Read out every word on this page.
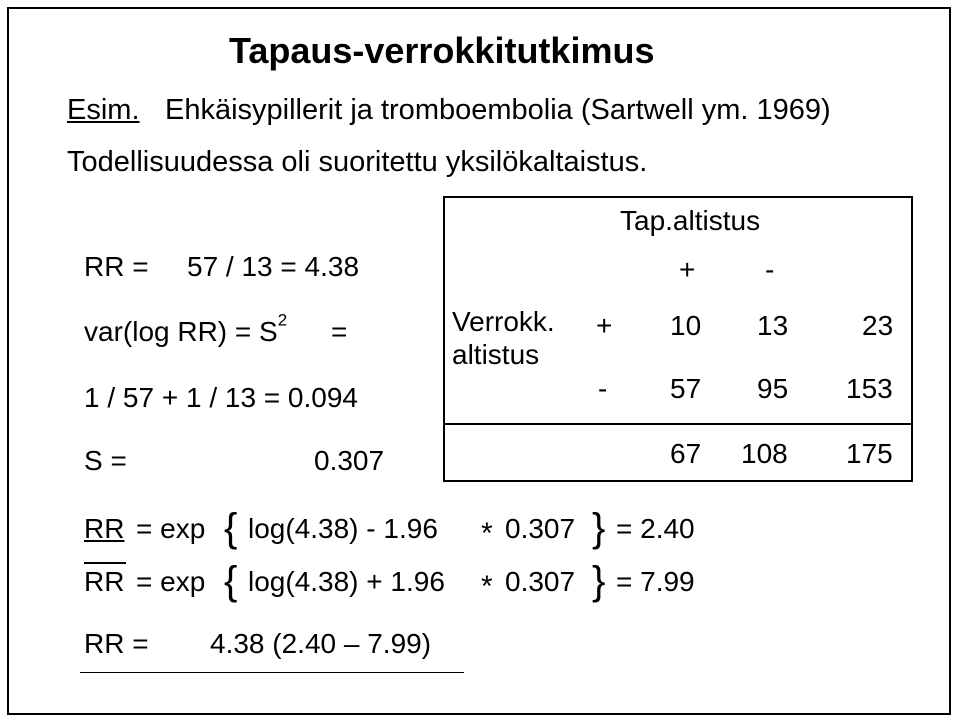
Tapaus-verrokkitutkimus
Esim. Ehkäisypillerit ja tromboembolia (Sartwell ym. 1969)
Todellisuudessa oli suoritettu yksilökaltaistus.
RR = 57 / 13 = 4.38
var(log $RR) = S^2$ =
1 / 57 + 1 / 13 = 0.094
S =	0.307
Tap.altistus
+ -
Verrokk.
altistus
+ 10 13	23
- 57 95 153
67 108 175
RR = exp { log(4.38) - 1.96 * 0.307 } = 2.40
RR = exp { log(4.38) + 1.96 * 0.307 } = 7.99
RR = 4.38 (2.40 – 7.99)
